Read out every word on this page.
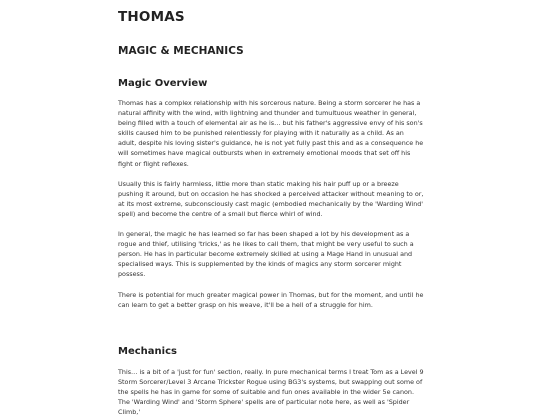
THOMAS
MAGIC & MECHANICS
Magic Overview

Thomas has a complex relationship with his sorcerous nature. Being a storm sorcerer he has a natural affinity with the wind, with lightning and thunder and tumultuous weather in general, being filled with a touch of elemental air as he is… but his father's aggressive envy of his son's skills caused him to be punished relentlessly for playing with it naturally as a child. As an adult, despite his loving sister's guidance, he is not yet fully past this and as a consequence he will sometimes have magical outbursts when in extremely emotional moods that set off his fight or flight reflexes.

Usually this is fairly harmless, little more than static making his hair puff up or a breeze pushing it around, but on occasion he has shocked a perceived attacker without meaning to or, at its most extreme, subconsciously cast magic (embodied mechanically by the 'Warding Wind' spell) and become the centre of a small but fierce whirl of wind.

In general, the magic he has learned so far has been shaped a lot by his development as a rogue and thief, utilising 'tricks,' as he likes to call them, that might be very useful to such a person. He has in particular become extremely skilled at using a Mage Hand in unusual and specialised ways. This is supplemented by the kinds of magics any storm sorcerer might possess.

There is potential for much greater magical power in Thomas, but for the moment, and until he can learn to get a better grasp on his weave, it'll be a hell of a struggle for him.

Mechanics

This… is a bit of a 'just for fun' section, really. In pure mechanical terms I treat Tom as a Level 9 Storm Sorcerer/Level 3 Arcane Trickster Rogue using BG3's systems, but swapping out some of the spells he has in game for some of suitable and fun ones available in the wider 5e canon. The 'Warding Wind' and 'Storm Sphere' spells are of particular note here, as well as 'Spider Climb,'
